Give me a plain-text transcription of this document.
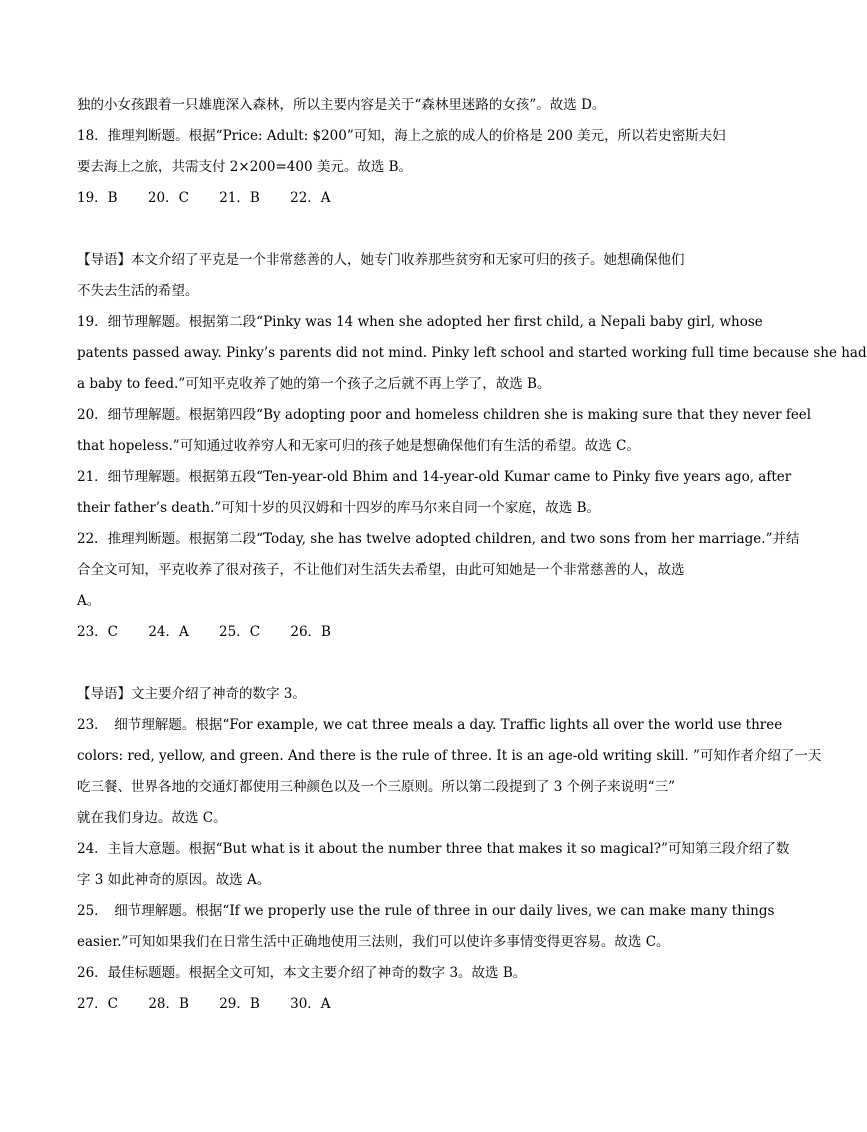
独的小女孩跟着一只雄鹿深入森林，所以主要内容是关于“森林里迷路的女孩”。故选 D。
18．推理判断题。根据“Price: Adult: $200”可知，海上之旅的成人的价格是 200 美元，所以若史密斯夫妇
要去海上之旅，共需支付 2×200=400 美元。故选 B。
19．B 20．C 21．B 22．A
【导语】本文介绍了平克是一个非常慈善的人，她专门收养那些贫穷和无家可归的孩子。她想确保他们
不失去生活的希望。
19．细节理解题。根据第二段“Pinky was 14 when she adopted her first child, a Nepali baby girl, whose
patents passed away. Pinky’s parents did not mind. Pinky left school and started working full time because she had
a baby to feed.”可知平克收养了她的第一个孩子之后就不再上学了，故选 B。
20．细节理解题。根据第四段“By adopting poor and homeless children she is making sure that they never feel
that hopeless.”可知通过收养穷人和无家可归的孩子她是想确保他们有生活的希望。故选 C。
21．细节理解题。根据第五段“Ten-year-old Bhim and 14-year-old Kumar came to Pinky five years ago, after
their father’s death.”可知十岁的贝汉姆和十四岁的库马尔来自同一个家庭，故选 B。
22．推理判断题。根据第二段“Today, she has twelve adopted children, and two sons from her marriage.”并结
合全文可知，平克收养了很对孩子，不让他们对生活失去希望，由此可知她是一个非常慈善的人，故选
A。
23．C 24．A 25．C 26．B
【导语】文主要介绍了神奇的数字 3。
23．　细节理解题。根据“For example, we cat three meals a day. Traffic lights all over the world use three
colors: red, yellow, and green. And there is the rule of three. It is an age-old writing skill. ”可知作者介绍了一天
吃三餐、世界各地的交通灯都使用三种颜色以及一个三原则。所以第二段提到了 3 个例子来说明“三”
就在我们身边。故选 C。
24．主旨大意题。根据“But what is it about the number three that makes it so magical?”可知第三段介绍了数
字 3 如此神奇的原因。故选 A。
25．　细节理解题。根据“If we properly use the rule of three in our daily lives, we can make many things
easier.”可知如果我们在日常生活中正确地使用三法则，我们可以使许多事情变得更容易。故选 C。
26．最佳标题题。根据全文可知，本文主要介绍了神奇的数字 3。故选 B。
27．C 28．B 29．B 30．A
